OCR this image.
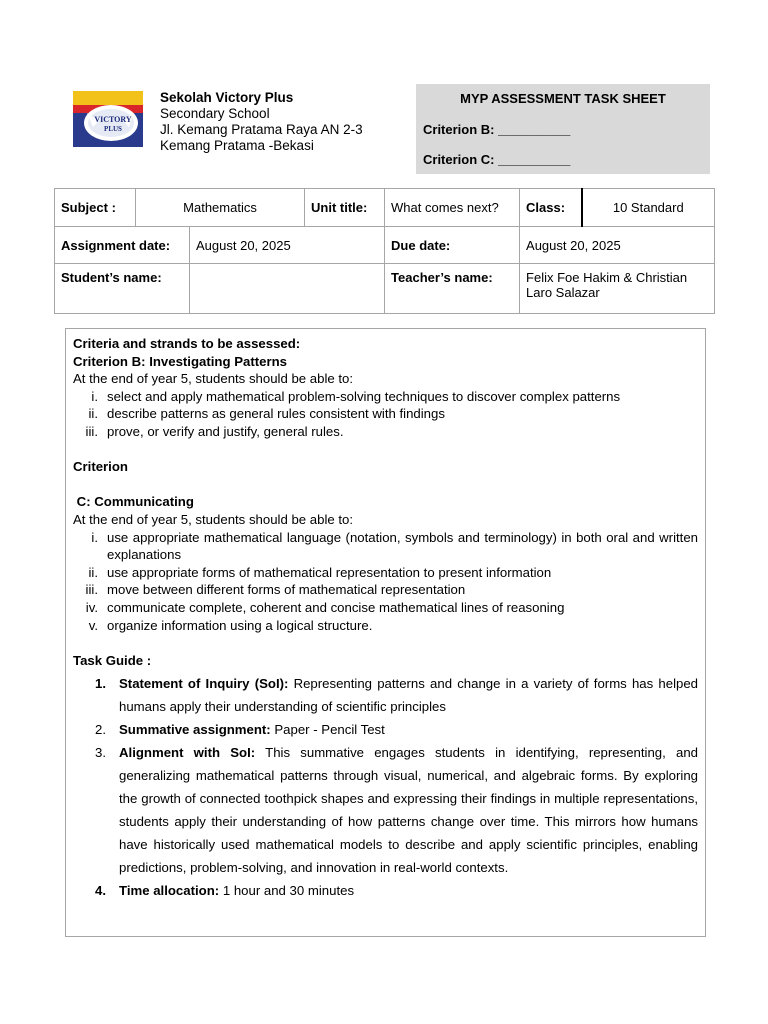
VICTORY
PLUS
Sekolah Victory Plus
Secondary School
Jl. Kemang Pratama Raya AN 2-3
Kemang Pratama -Bekasi
MYP ASSESSMENT TASK SHEET
Criterion B: __________
Criterion C: __________
Subject :	Mathematics		Unit title:	What comes next?	Class:	10 Standard
Assignment date:		August 20, 2025		Due date:	August 20, 2025	
Student’s name:				Teacher’s name:	Felix Foe Hakim & Christian Laro Salazar	

Criteria and strands to be assessed:

Criterion B: Investigating Patterns

At the end of year 5, students should be able to:

i. select and apply mathematical problem-solving techniques to discover complex patterns
ii. describe patterns as general rules consistent with findings
iii. prove, or verify and justify, general rules.

Criterion

C: Communicating

At the end of year 5, students should be able to:

i. use appropriate mathematical language (notation, symbols and terminology) in both oral and written explanations
ii. use appropriate forms of mathematical representation to present information
iii. move between different forms of mathematical representation
iv. communicate complete, coherent and concise mathematical lines of reasoning
v. organize information using a logical structure.

Task Guide :

1. Statement of Inquiry (SoI): Representing patterns and change in a variety of forms has helped humans apply their understanding of scientific principles
2. Summative assignment: Paper - Pencil Test
3. Alignment with SoI: This summative engages students in identifying, representing, and generalizing mathematical patterns through visual, numerical, and algebraic forms. By exploring the growth of connected toothpick shapes and expressing their findings in multiple representations, students apply their understanding of how patterns change over time. This mirrors how humans have historically used mathematical models to describe and apply scientific principles, enabling predictions, problem-solving, and innovation in real-world contexts.
4. Time allocation: 1 hour and 30 minutes
